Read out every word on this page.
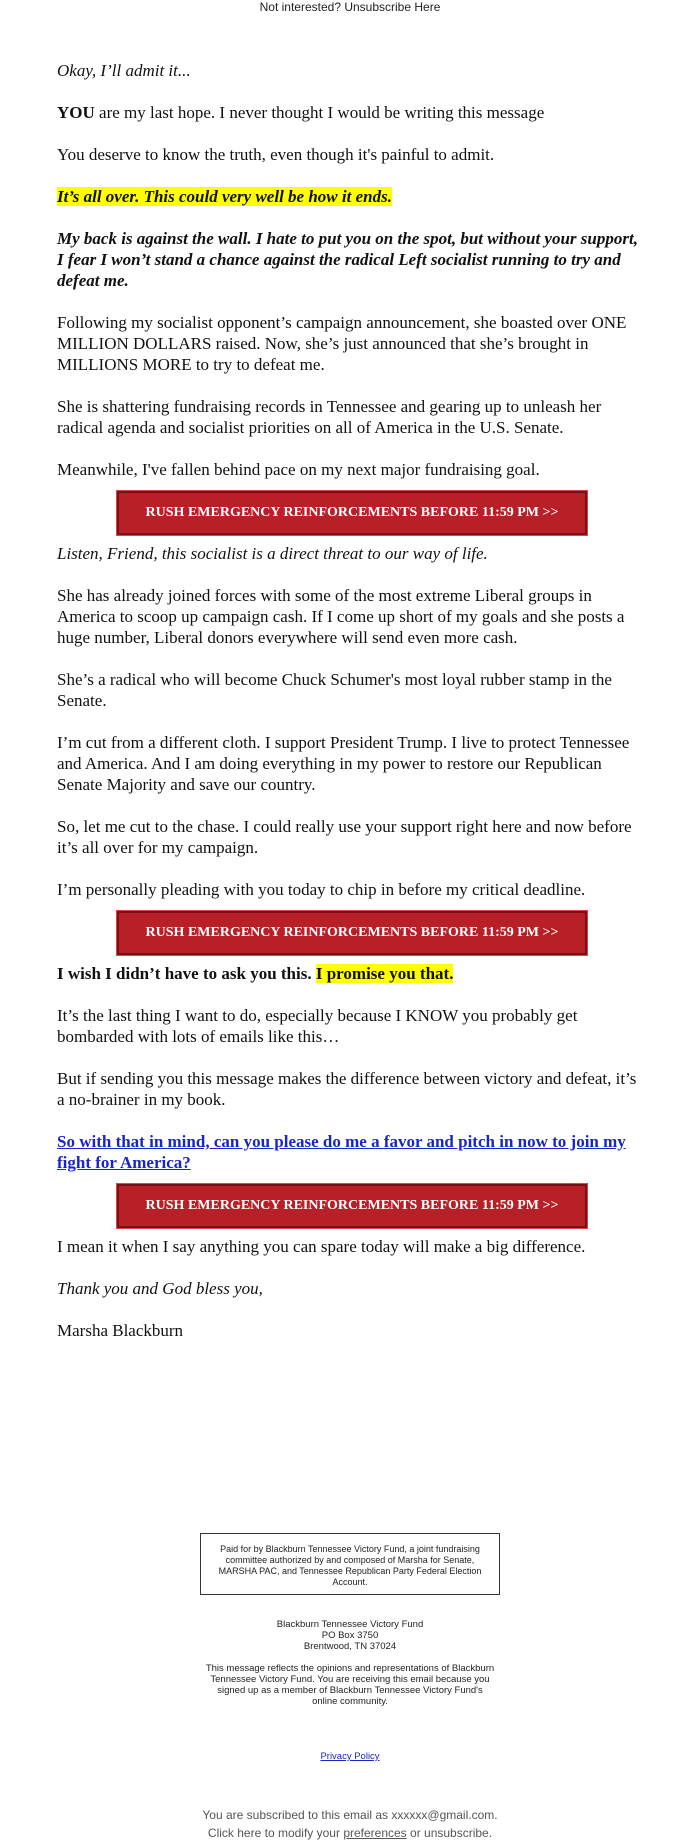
Not interested? Unsubscribe Here

Okay, I’ll admit it...

YOU are my last hope. I never thought I would be writing this message

You deserve to know the truth, even though it's painful to admit.

It’s all over. This could very well be how it ends.

My back is against the wall. I hate to put you on the spot, but without your support, I fear I won’t stand a chance against the radical Left socialist running to try and defeat me.

Following my socialist opponent’s campaign announcement, she boasted over ONE MILLION DOLLARS raised. Now, she’s just announced that she’s brought in MILLIONS MORE to try to defeat me.

She is shattering fundraising records in Tennessee and gearing up to unleash her radical agenda and socialist priorities on all of America in the U.S. Senate.

Meanwhile, I've fallen behind pace on my next major fundraising goal.

RUSH EMERGENCY REINFORCEMENTS BEFORE 11:59 PM >>

Listen, Friend, this socialist is a direct threat to our way of life.

She has already joined forces with some of the most extreme Liberal groups in America to scoop up campaign cash. If I come up short of my goals and she posts a huge number, Liberal donors everywhere will send even more cash.

She’s a radical who will become Chuck Schumer's most loyal rubber stamp in the Senate.

I’m cut from a different cloth. I support President Trump. I live to protect Tennessee and America. And I am doing everything in my power to restore our Republican Senate Majority and save our country.

So, let me cut to the chase. I could really use your support right here and now before it’s all over for my campaign.

I’m personally pleading with you today to chip in before my critical deadline.

RUSH EMERGENCY REINFORCEMENTS BEFORE 11:59 PM >>

I wish I didn’t have to ask you this. I promise you that.

It’s the last thing I want to do, especially because I KNOW you probably get bombarded with lots of emails like this…

But if sending you this message makes the difference between victory and defeat, it’s a no-brainer in my book.

So with that in mind, can you please do me a favor and pitch in now to join my fight for America?

RUSH EMERGENCY REINFORCEMENTS BEFORE 11:59 PM >>

I mean it when I say anything you can spare today will make a big difference.

Thank you and God bless you,

Marsha Blackburn

Paid for by Blackburn Tennessee Victory Fund, a joint fundraising committee authorized by and composed of Marsha for Senate, MARSHA PAC, and Tennessee Republican Party Federal Election Account.
Blackburn Tennessee Victory Fund
PO Box 3750
Brentwood, TN 37024
This message reflects the opinions and representations of Blackburn Tennessee Victory Fund. You are receiving this email because you signed up as a member of Blackburn Tennessee Victory Fund's online community.
Privacy Policy
You are subscribed to this email as xxxxxx@gmail.com.
Click here to modify your preferences or unsubscribe.
